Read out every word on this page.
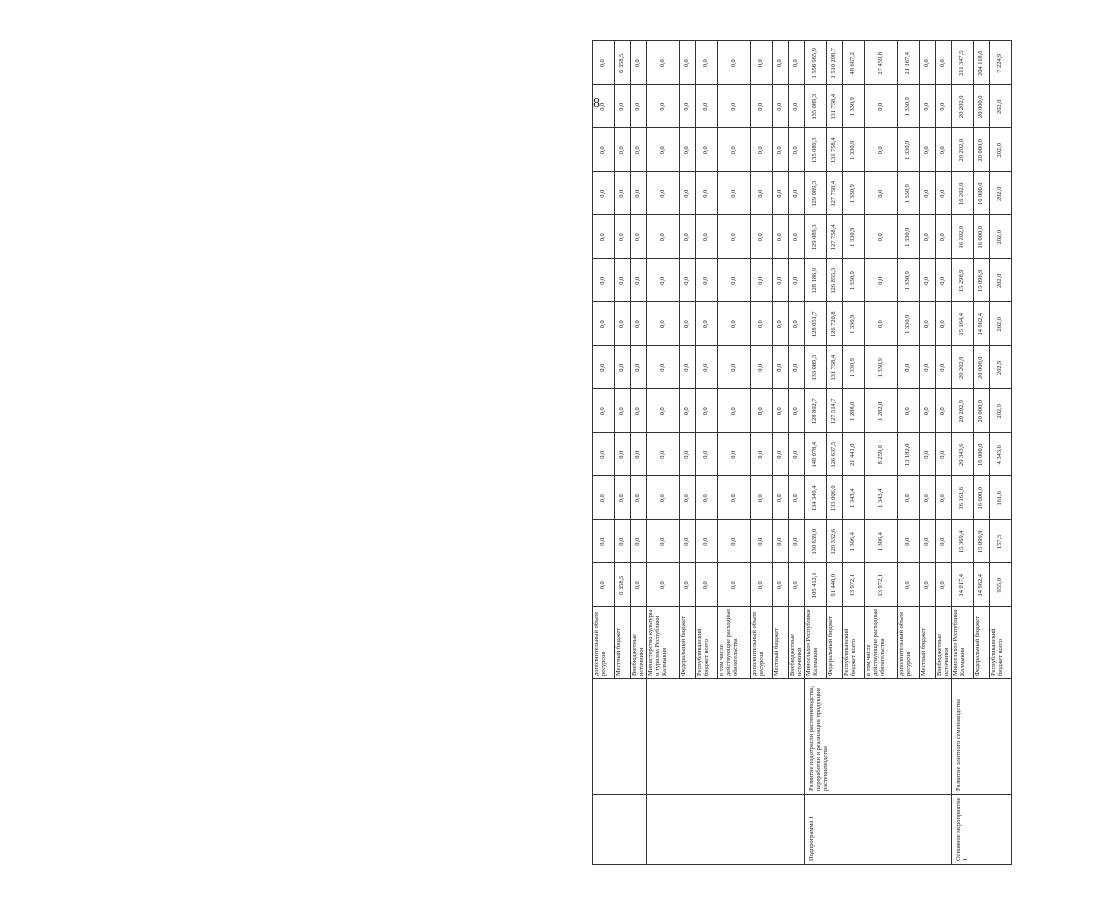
8
дополнительный объем ресурсов
0,0
0,0
0,0
0,0
0,0
0,0
0,0
0,0
0,0
0,0
0,0
0,0
0,0
Местный бюджет
6 358,5
0,0
0,0
0,0
0,0
0,0
0,0
0,0
0,0
0,0
0,0
0,0
6 358,5
Внебюджетные источники
0,0
0,0
0,0
0,0
0,0
0,0
0,0
0,0
0,0
0,0
0,0
0,0
0,0
Министерство культуры и туризма Республики Калмыкия
0,0
0,0
0,0
0,0
0,0
0,0
0,0
0,0
0,0
0,0
0,0
0,0
0,0
Федеральный бюджет
0,0
0,0
0,0
0,0
0,0
0,0
0,0
0,0
0,0
0,0
0,0
0,0
0,0
Республиканский бюджет всего
0,0
0,0
0,0
0,0
0,0
0,0
0,0
0,0
0,0
0,0
0,0
0,0
0,0
в том числе действующие расходные обязательства
0,0
0,0
0,0
0,0
0,0
0,0
0,0
0,0
0,0
0,0
0,0
0,0
0,0
дополнительный объем ресурсов
0,0
0,0
0,0
0,0
0,0
0,0
0,0
0,0
0,0
0,0
0,0
0,0
0,0
Местный бюджет
0,0
0,0
0,0
0,0
0,0
0,0
0,0
0,0
0,0
0,0
0,0
0,0
0,0
Внебюджетные источники
0,0
0,0
0,0
0,0
0,0
0,0
0,0
0,0
0,0
0,0
0,0
0,0
0,0
Минсельхоз Республики Калмыкия
105 412,1
130 639,0
134 349,4
148 078,4
128 802,7
133 089,3
128 051,7
128 186,9
129 089,3
129 089,3
135 089,3
135 089,3
1 558 965,9
Федеральный бюджет
91 440,0
129 332,6
133 006,0
126 637,5
127 514,7
131 758,4
126 720,8
126 855,3
127 758,4
127 758,4
131 758,4
131 758,4
1 510 298,7
Республиканский бюджет всего
13 972,1
1 306,4
1 343,4
21 441,0
1 288,0
1 330,9
1 330,9
1 330,9
1 330,9
1 330,9
1 330,9
1 330,9
48 667,2
в том числе действующие расходные обязательства
13 972,1
1 306,4
1 343,4
8 259,0
1 282,0
1 330,9
0,0
0,0
0,0
0,0
0,0
0,0
27 459,8
дополнительный объем ресурсов
0,0
0,0
0,0
13 182,0
0,0
0,0
1 330,9
1 330,9
1 330,9
1 330,9
1 330,9
1 330,9
21 167,4
Местный бюджет
0,0
0,0
0,0
0,0
0,0
0,0
0,0
0,0
0,0
0,0
0,0
0,0
0,0
Внебюджетные источники
0,0
0,0
0,0
0,0
0,0
0,0
0,0
0,0
0,0
0,0
0,0
0,0
0,0
Подпрограмма 1
Развитие подотрасли растениеводства, переработки и реализации продукции растениеводства
Минсельхоз Республики Калмыкия
14 917,4
15 369,4
16 161,6
20 343,6
20 202,9
20 202,9
15 164,4
15 298,9
16 202,0
16 202,0
20 202,0
20 202,0
211 347,5
Федеральный бюджет
14 962,4
15 099,9
16 000,0
16 000,0
20 000,0
20 000,0
14 962,4
15 096,9
16 000,0
16 000,0
20 000,0
20 000,0
204 118,6
Республиканский бюджет всего
955,0
157,5
161,6
4 343,6
202,9
202,9
202,0
202,0
202,0
202,0
202,0
202,0
7 224,9
Основное мероприятие 1
Развитие элитного семеноводства
